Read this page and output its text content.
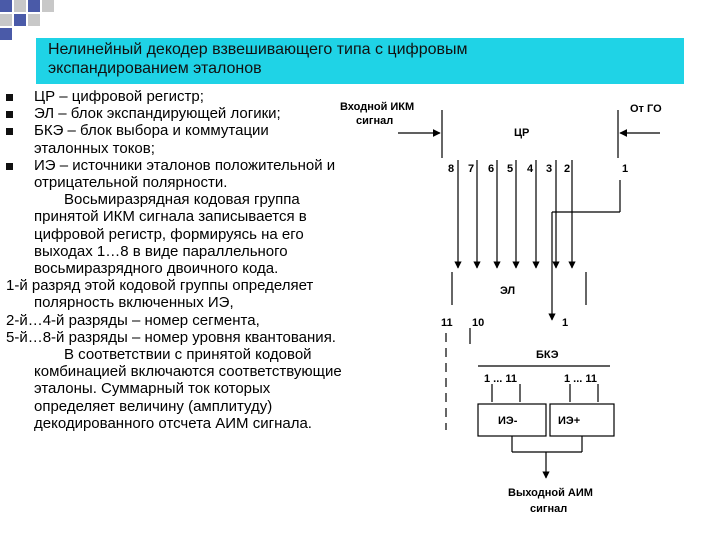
Нелинейный декодер взвешивающего типа с цифровым
экспандированием эталонов
ЦР – цифровой регистр;
ЭЛ – блок экспандирующей логики;
БКЭ – блок выбора и коммутации
эталонных токов;
ИЭ – источники эталонов положительной и
отрицательной полярности.
Восьмиразрядная кодовая группа
принятой ИКМ сигнала записывается в
цифровой регистр, формируясь на его
выходах 1…8 в виде параллельного
восьмиразрядного двоичного кода.
1-й разряд этой кодовой группы определяет
полярность включенных ИЭ,
2-й…4-й разряды – номер сегмента,
5-й…8-й разряды – номер уровня квантования.
В соответствии с принятой кодовой
комбинацией включаются соответствующие
эталоны. Суммарный ток которых
определяет величину (амплитуду)
декодированного отсчета АИМ сигнала.
Входной ИКМ
сигнал
От ГО
ЦР
8 7 6 5 4 3 2	1
ЭЛ
11 10	1
БКЭ
1 ... 11	1 ... 11
ИЭ-	ИЭ+
Выходной АИМ
сигнал
